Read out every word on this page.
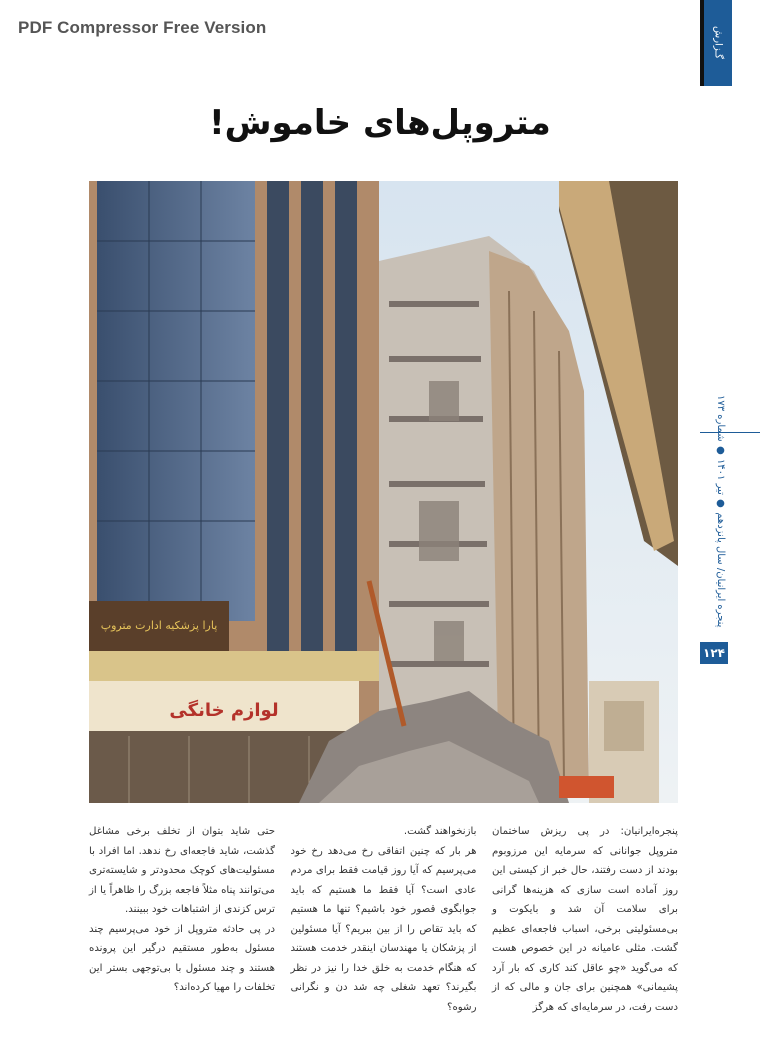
PDF Compressor Free Version	گـزارش
متروپل‌های خاموش!
پارا پزشکیه ادارت متروپ
لوازم خانگی
پنجره ایرانیان/ سال پانزدهم ● تیر ۱۴۰۱ ● شماره ۱۷۳
۱۲۴

پنجره‌ایرانیان: در پی ریزش ساختمان متروپل جوانانی که سرمایه این مرزوبوم بودند از دست رفتند، حال خبر از کیستی این روز آماده است سازی که هزینه‌ها گرانی برای سلامت آن شد و بایکوت و بی‌مسئولیتی برخی، اسباب فاجعه‌ای عظیم گشت. مثلی عامیانه در این خصوص هست که می‌گوید «چو عاقل کند کاری که بار آرد پشیمانی» همچنین برای جان و مالی که از دست رفت، در سرمایه‌ای که هرگز

بازنخواهند گشت.

هر بار که چنین اتفاقی رخ می‌دهد رخ خود می‌پرسیم که آیا روز قیامت فقط برای مردم عادی است؟ آیا فقط ما هستیم که باید جوابگوی قصور خود باشیم؟ تنها ما هستیم که باید تقاص را از بین ببریم؟ آیا مسئولین از پزشکان یا مهندسان اینقدر خدمت هستند که هنگام خدمت به خلق خدا را نیز در نظر بگیرند؟ تعهد شغلی چه شد دن و نگرانی رشوه؟

حتی شاید بتوان از تخلف برخی مشاغل گذشت، شاید فاجعه‌ای رخ ندهد. اما افراد با مسئولیت‌های کوچک محدودتر و شایسته‌تری می‌توانند پناه مثلاً فاجعه بزرگ را ظاهراً یا از ترس کزندی از اشتباهات خود ببینند.

در پی حادثه متروپل از خود می‌پرسیم چند مسئول به‌طور مستقیم درگیر این پرونده هستند و چند مسئول با بی‌توجهی بستر این تخلفات را مهیا کرده‌اند؟
